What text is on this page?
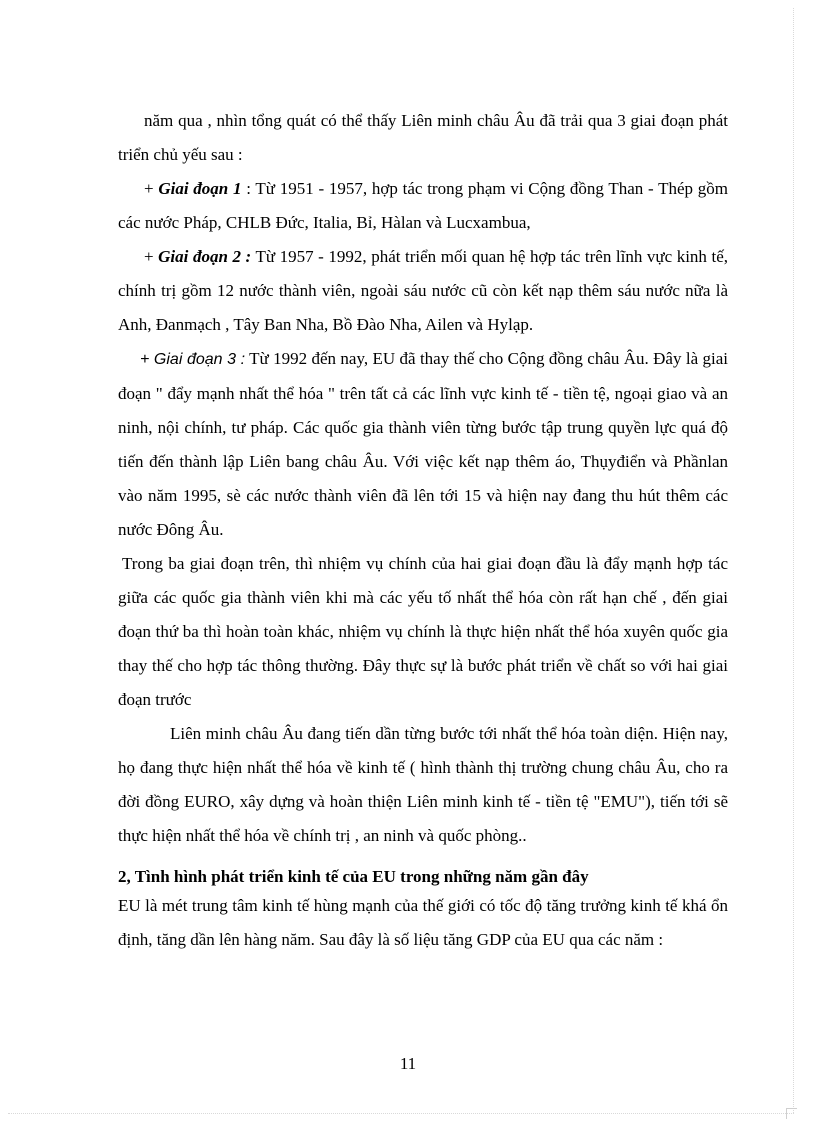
năm qua , nhìn tổng quát có thể thấy Liên minh châu Âu đã trải qua 3 giai đoạn phát triển chủ yếu sau :

+ Giai đoạn 1 : Từ 1951 - 1957, hợp tác trong phạm vi Cộng đồng Than - Thép gồm các nước Pháp, CHLB Đức, Italia, Bỉ, Hàlan và Lucxambua,

+ Giai đoạn 2 : Từ 1957 - 1992, phát triển mối quan hệ hợp tác trên lĩnh vực kinh tế, chính trị gồm 12 nước thành viên, ngoài sáu nước cũ còn kết nạp thêm sáu nước nữa là Anh, Đanmạch , Tây Ban Nha, Bồ Đào Nha, Ailen và Hylạp.

+ Giai đoạn 3 : Từ 1992 đến nay, EU đã thay thế cho Cộng đồng châu Âu. Đây là giai đoạn " đẩy mạnh nhất thể hóa " trên tất cả các lĩnh vực kinh tế - tiền tệ, ngoại giao và an ninh, nội chính, tư pháp. Các quốc gia thành viên từng bước tập trung quyền lực quá độ tiến đến thành lập Liên bang châu Âu. Với việc kết nạp thêm áo, Thụyđiển và Phầnlan vào năm 1995, sè các nước thành viên đã lên tới 15 và hiện nay đang thu hút thêm các nước Đông Âu.

Trong ba giai đoạn trên, thì nhiệm vụ chính của hai giai đoạn đầu là đẩy mạnh hợp tác giữa các quốc gia thành viên khi mà các yếu tố nhất thể hóa còn rất hạn chế , đến giai đoạn thứ ba thì hoàn toàn khác, nhiệm vụ chính là thực hiện nhất thể hóa xuyên quốc gia thay thế cho hợp tác thông thường. Đây thực sự là bước phát triển về chất so với hai giai đoạn trước

Liên minh châu Âu đang tiến dần từng bước tới nhất thể hóa toàn diện. Hiện nay, họ đang thực hiện nhất thể hóa về kinh tế ( hình thành thị trường chung châu Âu, cho ra đời đồng EURO, xây dựng và hoàn thiện Liên minh kinh tế - tiền tệ "EMU"), tiến tới sẽ thực hiện nhất thể hóa về chính trị , an ninh và quốc phòng..

2, Tình hình phát triển kinh tế của EU trong những năm gần đây

EU là mét trung tâm kinh tế hùng mạnh của thế giới có tốc độ tăng trưởng kinh tế khá ổn định, tăng dần lên hàng năm. Sau đây là số liệu tăng GDP của EU qua các năm :

11
